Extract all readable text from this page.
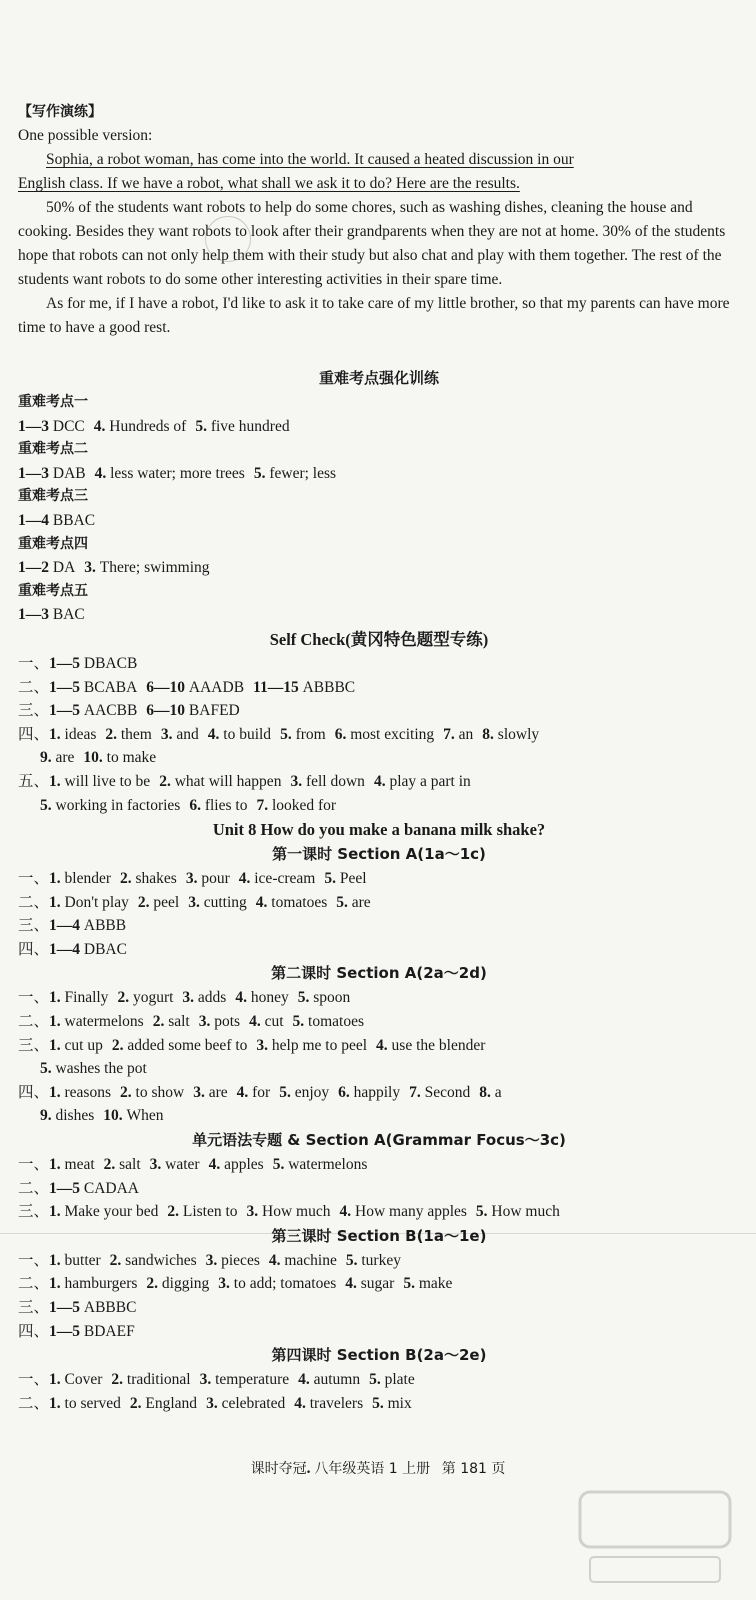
【写作演练】

One possible version:

Sophia, a robot woman, has come into the world. It caused a heated discussion in our

English class. If we have a robot, what shall we ask it to do? Here are the results.

50% of the students want robots to help do some chores, such as washing dishes, cleaning the house and cooking. Besides they want robots to look after their grandparents when they are not at home. 30% of the students hope that robots can not only help them with their study but also chat and play with them together. The rest of the students want robots to do some other interesting activities in their spare time.

As for me, if I have a robot, I'd like to ask it to take care of my little brother, so that my parents can have more time to have a good rest.

重难考点强化训练
重难考点一
1—3 DCC 4. Hundreds of 5. five hundred
重难考点二
1—3 DAB 4. less water; more trees 5. fewer; less
重难考点三
1—4 BBAC
重难考点四
1—2 DA 3. There; swimming
重难考点五
1—3 BAC
Self Check(黄冈特色题型专练)
一、1—5 DBACB
二、1—5 BCABA 6—10 AAADB 11—15 ABBBC
三、1—5 AACBB 6—10 BAFED
四、1. ideas 2. them 3. and 4. to build 5. from 6. most exciting 7. an 8. slowly
9. are 10. to make
五、1. will live to be 2. what will happen 3. fell down 4. play a part in
5. working in factories 6. flies to 7. looked for
Unit 8 How do you make a banana milk shake?
第一课时 Section A(1a～1c)
一、1. blender 2. shakes 3. pour 4. ice-cream 5. Peel
二、1. Don't play 2. peel 3. cutting 4. tomatoes 5. are
三、1—4 ABBB
四、1—4 DBAC
第二课时 Section A(2a～2d)
一、1. Finally 2. yogurt 3. adds 4. honey 5. spoon
二、1. watermelons 2. salt 3. pots 4. cut 5. tomatoes
三、1. cut up 2. added some beef to 3. help me to peel 4. use the blender
5. washes the pot
四、1. reasons 2. to show 3. are 4. for 5. enjoy 6. happily 7. Second 8. a
9. dishes 10. When
单元语法专题 & Section A(Grammar Focus～3c)
一、1. meat 2. salt 3. water 4. apples 5. watermelons
二、1—5 CADAA
三、1. Make your bed 2. Listen to 3. How much 4. How many apples 5. How much
第三课时 Section B(1a～1e)
一、1. butter 2. sandwiches 3. pieces 4. machine 5. turkey
二、1. hamburgers 2. digging 3. to add; tomatoes 4. sugar 5. make
三、1—5 ABBBC
四、1—5 BDAEF
第四课时 Section B(2a～2e)
一、1. Cover 2. traditional 3. temperature 4. autumn 5. plate
二、1. to served 2. England 3. celebrated 4. travelers 5. mix
课时夺冠. 八年级英语 1 上册 第 181 页
